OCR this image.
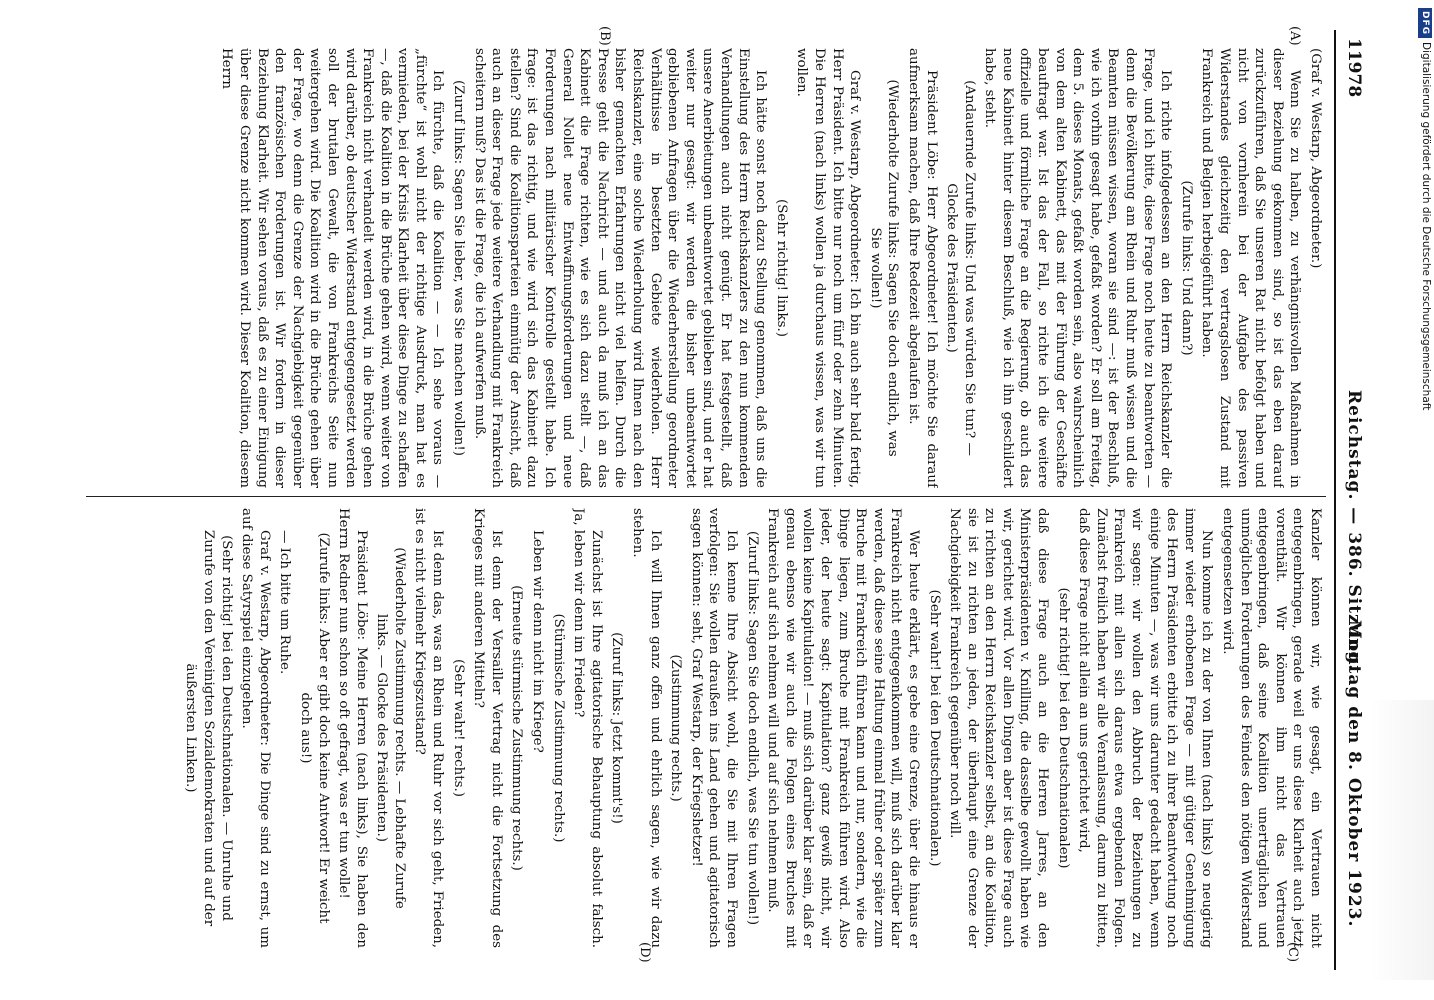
11978
Reichstag. — 386. Sitzung.
Montag den 8. Oktober 1923.
(A)
(B)
(C)
(D)

(Graf v. Westarp, Abgeordneter.)

Wenn Sie zu halben, zu verhängnisvollen Maßnahmen in dieser Beziehung gekommen sind, so ist das eben darauf zurückzuführen, daß Sie unseren Rat nicht befolgt haben und nicht von vornherein bei der Aufgabe des passiven Widerstandes gleichzeitig den vertragslosen Zustand mit Frankreich und Belgien herbeigeführt haben.

(Zurufe links: Und dann?)

Ich richte infolgedessen an den Herrn Reichskanzler die Frage, und ich bitte, diese Frage noch heute zu beantworten — denn die Bevölkerung am Rhein und Ruhr muß wissen und die Beamten müssen wissen, woran sie sind —: ist der Beschluß, wie ich vorhin gesagt habe, gefaßt worden? Er soll am Freitag, dem 5. dieses Monats, gefaßt worden sein, also wahrscheinlich von dem alten Kabinett, das mit der Führung der Geschäfte beauftragt war. Ist das der Fall, so richte ich die weitere offizielle und förmliche Frage an die Regierung, ob auch das neue Kabinett hinter diesem Beschluß, wie ich ihn geschildert habe, steht.

(Andauernde Zurufe links: Und was würden Sie tun? — Glocke des Präsidenten.)

Präsident Löbe: Herr Abgeordneter! Ich möchte Sie darauf aufmerksam machen, daß Ihre Redezeit abgelaufen ist.

(Wiederholte Zurufe links: Sagen Sie doch endlich, was Sie wollen!)

Graf v. Westarp, Abgeordneter: Ich bin auch sehr bald fertig, Herr Präsident. Ich bitte nur noch um fünf oder zehn Minuten. Die Herren (nach links) wollen ja durchaus wissen, was wir tun wollen.

(Sehr richtig! links.)

Ich hätte sonst noch dazu Stellung genommen, daß uns die Einstellung des Herrn Reichskanzlers zu den nun kommenden Verhandlungen auch nicht genügt. Er hat festgestellt, daß unsere Anerbietungen unbeantwortet geblieben sind, und er hat weiter nur gesagt: wir werden die bisher unbeantwortet gebliebenen Anfragen über die Wiederherstellung geordneter Verhältnisse in besetzten Gebiete wiederholen. Herr Reichskanzler, eine solche Wiederholung wird Ihnen nach den bisher gemachten Erfahrungen nicht viel helfen. Durch die Presse geht die Nachricht — und auch da muß ich an das Kabinett die Frage richten, wie es sich dazu stellt —, daß General Nollet neue Entwaffnungsforderungen und neue Forderungen nach militärischer Kontrolle gestellt habe. Ich frage: ist das richtig, und wie wird sich das Kabinett dazu stellen? Sind die Koalitionsparteien einmütig der Ansicht, daß auch an dieser Frage jede weitere Verhandlung mit Frankreich scheitern muß? Das ist die Frage, die ich aufwerfen muß.

(Zuruf links: Sagen Sie lieber, was Sie machen wollen!)

Ich fürchte, daß die Koalition — — Ich sehe voraus — „fürchte“ ist wohl nicht der richtige Ausdruck, man hat es vermieden, bei der Krisis Klarheit über diese Dinge zu schaffen —, daß die Koalition in die Brüche gehen wird, wenn weiter von Frankreich nicht verhandelt werden wird, in die Brüche gehen wird darüber, ob deutscher Widerstand entgegengesetzt werden soll der brutalen Gewalt, die von Frankreichs Seite nun weitergehen wird. Die Koalition wird in die Brüche gehen über der Frage, wo denn die Grenze der Nachgiebigkeit gegenüber den französischen Forderungen ist. Wir fordern in dieser Beziehung Klarheit. Wir sehen voraus, daß es zu einer Einigung über diese Grenze nicht kommen wird. Dieser Koalition, diesem Herrn

Kanzler können wir, wie gesagt, ein Vertrauen nicht entgegenbringen, gerade weil er uns diese Klarheit auch jetzt vorenthält. Wir können ihm nicht das Vertrauen entgegenbringen, daß seine Koalition unerträglichen und unmöglichen Forderungen des Feindes den nötigen Widerstand entgegensetzen wird.

Nun komme ich zu der von Ihnen (nach links) so neugierig immer wieder erhobenen Frage — mit gütiger Genehmigung des Herrn Präsidenten erbitte ich zu ihrer Beantwortung noch einige Minuten —, was wir uns darunter gedacht haben, wenn wir sagen: wir wollen den Abbruch der Beziehungen zu Frankreich mit allen sich daraus etwa ergebenden Folgen. Zunächst freilich haben wir alle Veranlassung, darum zu bitten, daß diese Frage nicht allein an uns gerichtet wird,

(sehr richtig! bei den Deutschnationalen)

daß diese Frage auch an die Herren Jarres, an den Ministerpräsidenten v. Knilling, die dasselbe gewollt haben wie wir, gerichtet wird. Vor allen Dingen aber ist diese Frage auch zu richten an den Herrn Reichskanzler selbst, an die Koalition, sie ist zu richten an jeden, der überhaupt eine Grenze der Nachgiebigkeit Frankreich gegenüber noch will.

(Sehr wahr! bei den Deutschnationalen.)

Wer heute erklärt, es gebe eine Grenze, über die hinaus er Frankreich nicht entgegenkommen will, muß sich darüber klar werden, daß diese seine Haltung einmal früher oder später zum Bruche mit Frankreich führen kann und nur, sondern, wie die Dinge liegen, zum Bruche mit Frankreich führen wird. Also jeder, der heute sagt: Kapitulation? ganz gewiß nicht, wir wollen keine Kapitulation! — muß sich darüber klar sein, daß er genau ebenso wie wir auch die Folgen eines Bruches mit Frankreich auf sich nehmen will und auf sich nehmen muß.

(Zuruf links: Sagen Sie doch endlich, was Sie tun wollen!)

Ich kenne Ihre Absicht wohl, die Sie mit Ihren Fragen verfolgen: Sie wollen draußen ins Land gehen und agitatorisch sagen können: seht, Graf Westarp, der Kriegshetzer!

(Zustimmung rechts.)

Ich will Ihnen ganz offen und ehrlich sagen, wie wir dazu stehen.

(Zuruf links: Jetzt kommt's!)

Zunächst ist Ihre agitatorische Behauptung absolut falsch. Ja, leben wir denn im Frieden?

(Stürmische Zustimmung rechts.)

Leben wir denn nicht im Kriege?

(Erneute stürmische Zustimmung rechts.)

Ist denn der Versailler Vertrag nicht die Fortsetzung des Krieges mit anderen Mitteln?

(Sehr wahr! rechts.)

Ist denn das, was an Rhein und Ruhr vor sich geht, Frieden, ist es nicht vielmehr Kriegszustand?

(Wiederholte Zustimmung rechts. — Lebhafte Zurufe links. — Glocke des Präsidenten.)

Präsident Löbe: Meine Herren (nach links), Sie haben den Herrn Redner nun schon so oft gefragt, was er tun wolle!

(Zurufe links: Aber er gibt doch keine Antwort! Er weicht doch aus!)

— Ich bitte um Ruhe.

Graf v. Westarp, Abgeordneter: Die Dinge sind zu ernst, um auf diese Satyrspiel einzugehen.

(Sehr richtig! bei den Deutschnationalen. — Unruhe und Zurufe von den Vereinigten Sozialdemokraten und auf der äußersten Linken.)

DFGDigitalisierung gefördert durch die Deutsche Forschungsgemeinschaft
